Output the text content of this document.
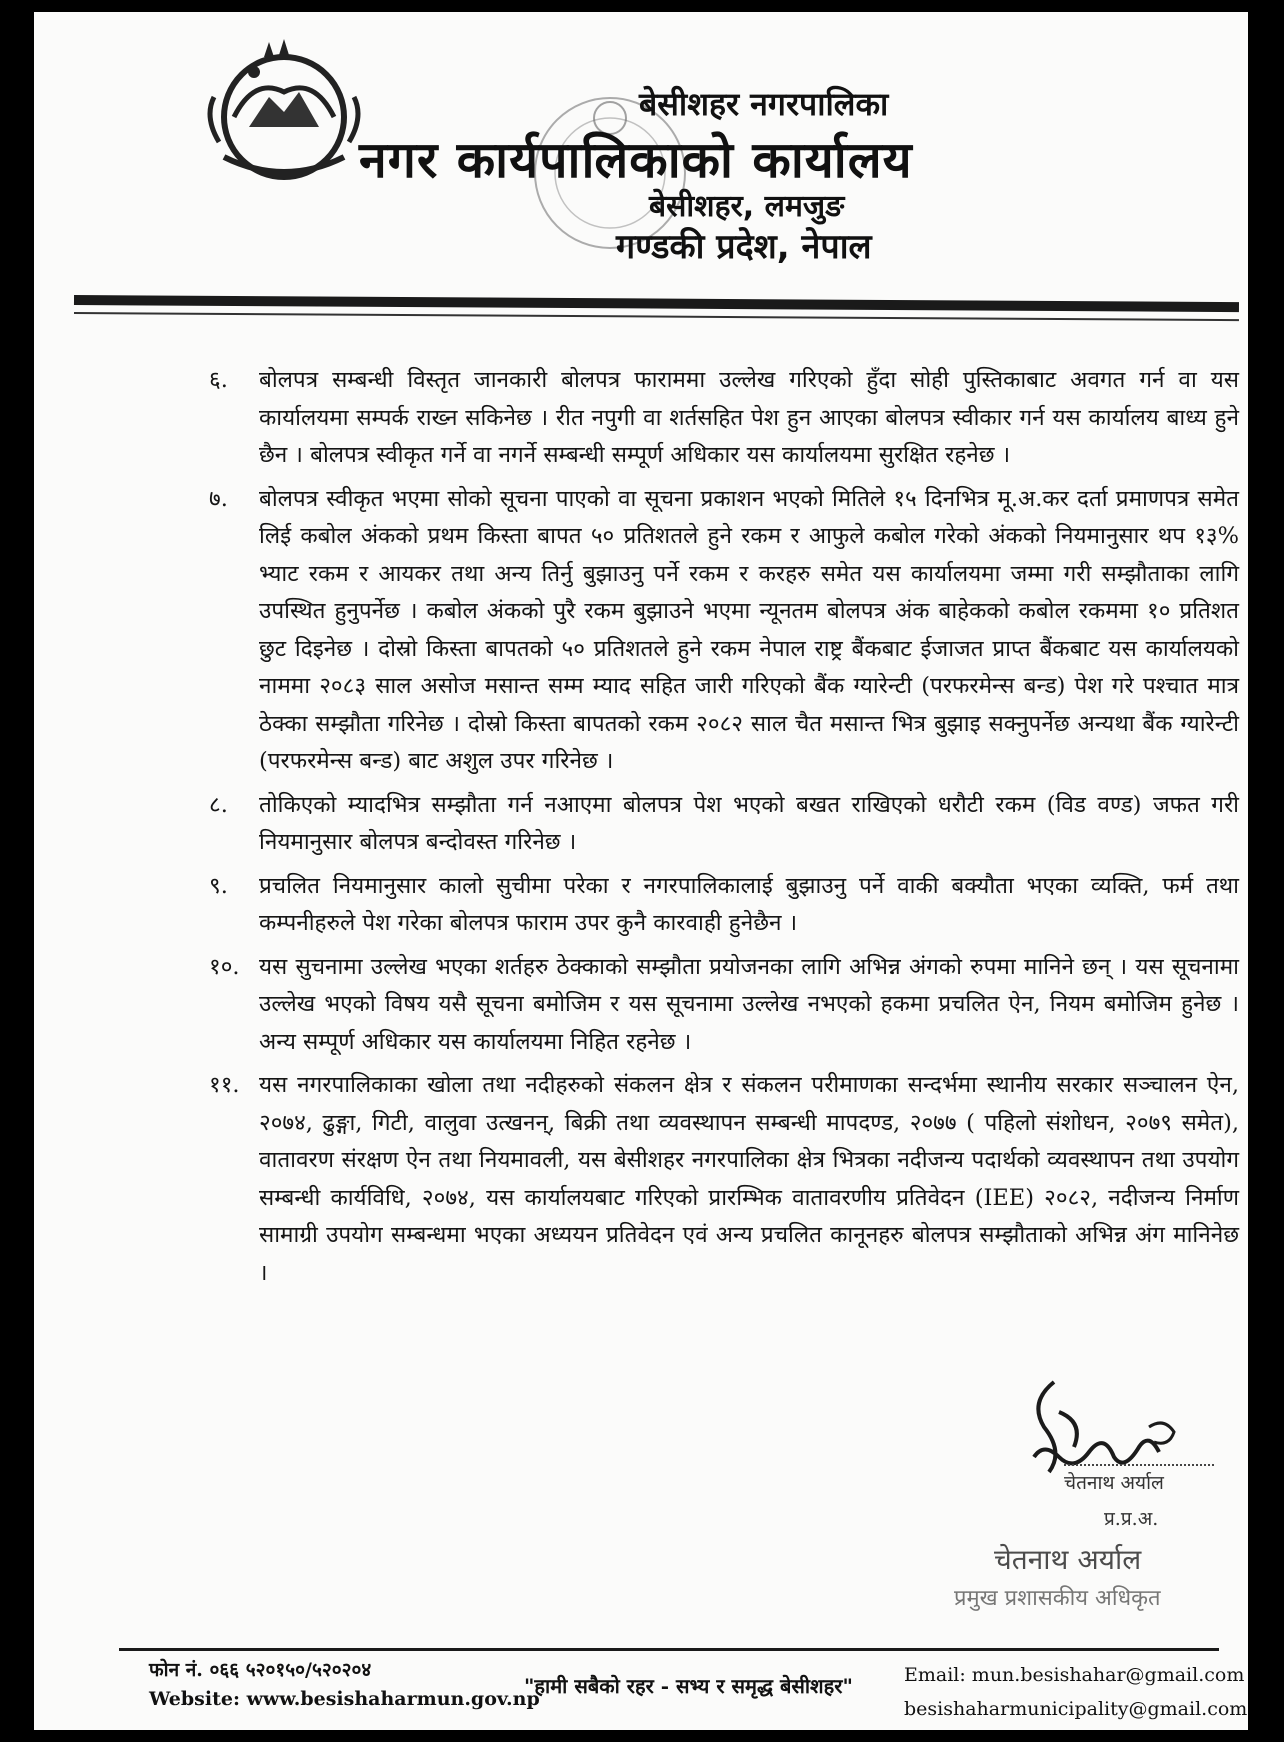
बेसीशहर नगरपालिका
नगर कार्यपालिकाको कार्यालय
बेसीशहर, लमजुङ
गण्डकी प्रदेश, नेपाल
६. बोलपत्र सम्बन्धी विस्तृत जानकारी बोलपत्र फाराममा उल्लेख गरिएको हुँदा सोही पुस्तिकाबाट अवगत गर्न वा यस कार्यालयमा सम्पर्क राख्न सकिनेछ । रीत नपुगी वा शर्तसहित पेश हुन आएका बोलपत्र स्वीकार गर्न यस कार्यालय बाध्य हुने छैन । बोलपत्र स्वीकृत गर्ने वा नगर्ने सम्बन्धी सम्पूर्ण अधिकार यस कार्यालयमा सुरक्षित रहनेछ ।
७. बोलपत्र स्वीकृत भएमा सोको सूचना पाएको वा सूचना प्रकाशन भएको मितिले १५ दिनभित्र मू.अ.कर दर्ता प्रमाणपत्र समेत लिई कबोल अंकको प्रथम किस्ता बापत ५० प्रतिशतले हुने रकम र आफुले कबोल गरेको अंकको नियमानुसार थप १३% भ्याट रकम र आयकर तथा अन्य तिर्नु बुझाउनु पर्ने रकम र करहरु समेत यस कार्यालयमा जम्मा गरी सम्झौताका लागि उपस्थित हुनुपर्नेछ । कबोल अंकको पुरै रकम बुझाउने भएमा न्यूनतम बोलपत्र अंक बाहेकको कबोल रकममा १० प्रतिशत छुट दिइनेछ । दोस्रो किस्ता बापतको ५० प्रतिशतले हुने रकम नेपाल राष्ट्र बैंकबाट ईजाजत प्राप्त बैंकबाट यस कार्यालयको नाममा २०८३ साल असोज मसान्त सम्म म्याद सहित जारी गरिएको बैंक ग्यारेन्टी (परफरमेन्स बन्ड) पेश गरे पश्चात मात्र ठेक्का सम्झौता गरिनेछ । दोस्रो किस्ता बापतको रकम २०८२ साल चैत मसान्त भित्र बुझाइ सक्नुपर्नेछ अन्यथा बैंक ग्यारेन्टी (परफरमेन्स बन्ड) बाट अशुल उपर गरिनेछ ।
८. तोकिएको म्यादभित्र सम्झौता गर्न नआएमा बोलपत्र पेश भएको बखत राखिएको धरौटी रकम (विड वण्ड) जफत गरी नियमानुसार बोलपत्र बन्दोवस्त गरिनेछ ।
९. प्रचलित नियमानुसार कालो सुचीमा परेका र नगरपालिकालाई बुझाउनु पर्ने वाकी बक्यौता भएका व्यक्ति, फर्म तथा कम्पनीहरुले पेश गरेका बोलपत्र फाराम उपर कुनै कारवाही हुनेछैन ।
१०. यस सुचनामा उल्लेख भएका शर्तहरु ठेक्काको सम्झौता प्रयोजनका लागि अभिन्न अंगको रुपमा मानिने छन् । यस सूचनामा उल्लेख भएको विषय यसै सूचना बमोजिम र यस सूचनामा उल्लेख नभएको हकमा प्रचलित ऐन, नियम बमोजिम हुनेछ । अन्य सम्पूर्ण अधिकार यस कार्यालयमा निहित रहनेछ ।
११. यस नगरपालिकाका खोला तथा नदीहरुको संकलन क्षेत्र र संकलन परीमाणका सन्दर्भमा स्थानीय सरकार सञ्चालन ऐन, २०७४, ढुङ्गा, गिटी, वालुवा उत्खनन्, बिक्री तथा व्यवस्थापन सम्बन्धी मापदण्ड, २०७७ ( पहिलो संशोधन, २०७९ समेत), वातावरण संरक्षण ऐन तथा नियमावली, यस बेसीशहर नगरपालिका क्षेत्र भित्रका नदीजन्य पदार्थको व्यवस्थापन तथा उपयोग सम्बन्धी कार्यविधि, २०७४, यस कार्यालयबाट गरिएको प्रारम्भिक वातावरणीय प्रतिवेदन (IEE) २०८२, नदीजन्य निर्माण सामाग्री उपयोग सम्बन्धमा भएका अध्ययन प्रतिवेदन एवं अन्य प्रचलित कानूनहरु बोलपत्र सम्झौताको अभिन्न अंग मानिनेछ ।
चेतनाथ अर्याल
प्र.प्र.अ.
चेतनाथ अर्याल
प्रमुख प्रशासकीय अधिकृत
फोन नं. ०६६ ५२०१५०/५२०२०४
Website: www.besishaharmun.gov.np
"हामी सबैको रहर - सभ्य र समृद्ध बेसीशहर"	Email: mun.besishahar@gmail.com
besishaharmunicipality@gmail.com
